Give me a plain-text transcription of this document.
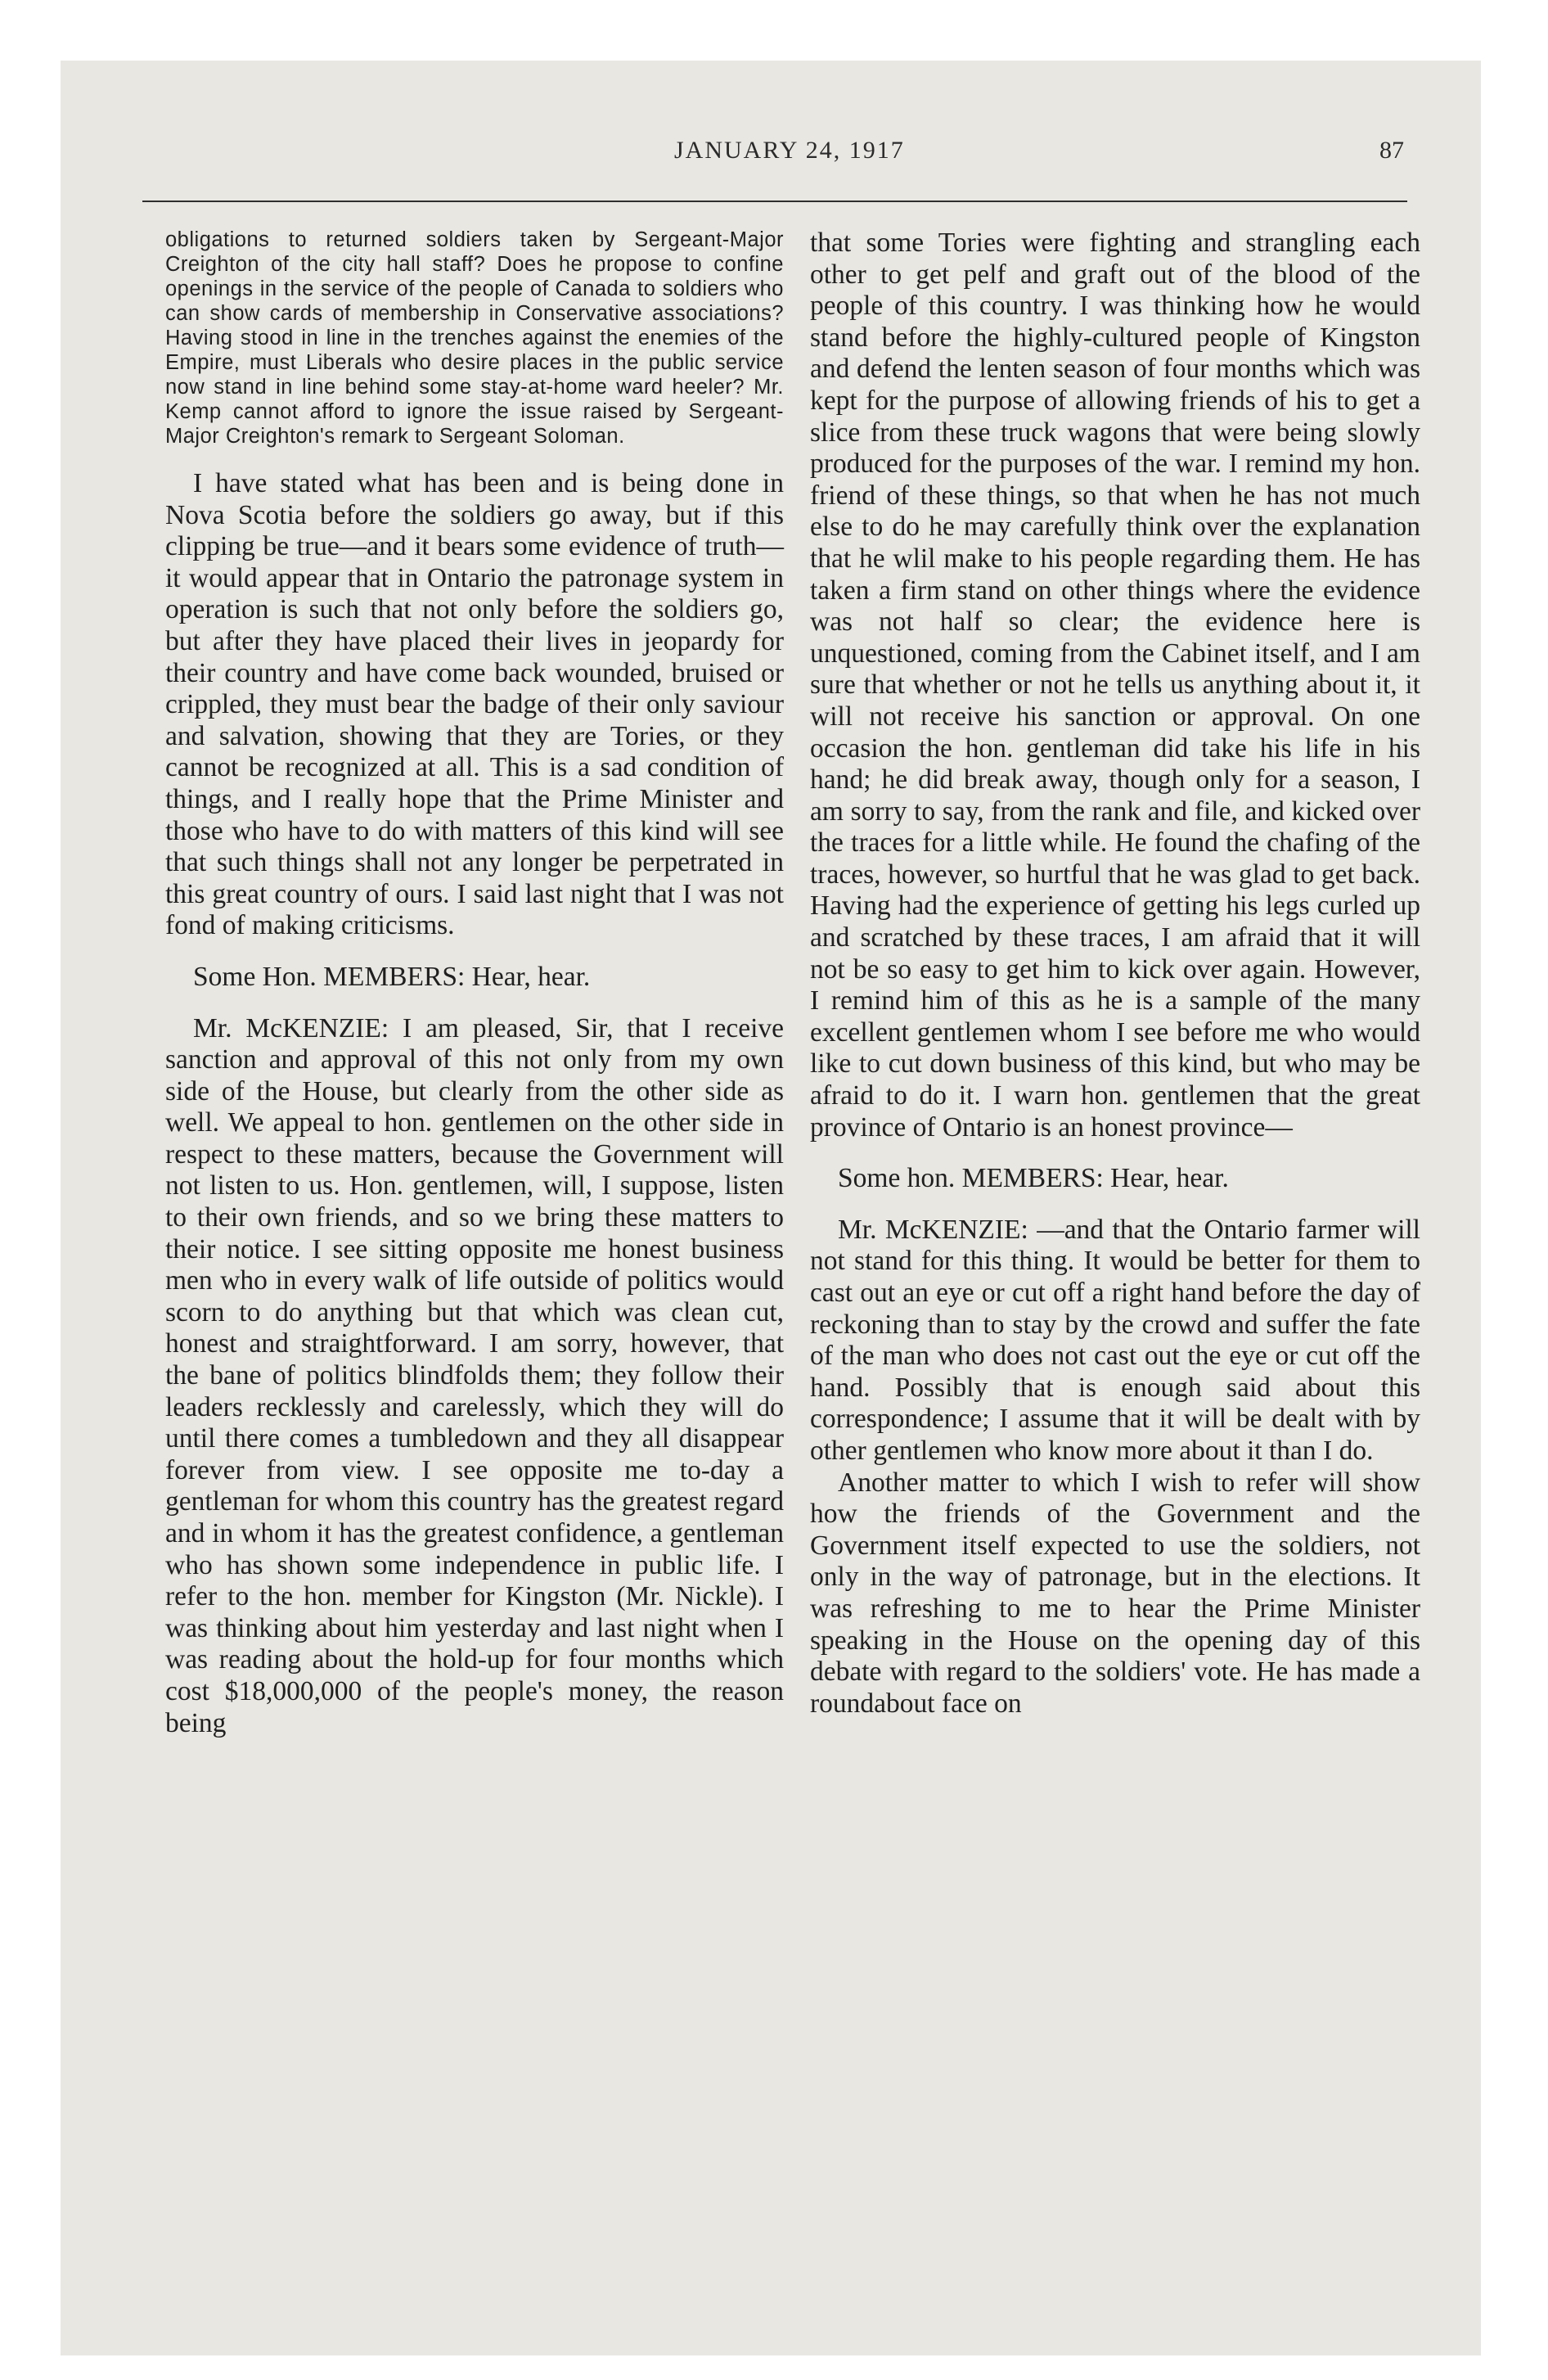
JANUARY 24, 1917	87

obligations to returned soldiers taken by Sergeant-Major Creighton of the city hall staff? Does he propose to confine openings in the service of the people of Canada to soldiers who can show cards of membership in Conservative associations? Having stood in line in the trenches against the enemies of the Empire, must Liberals who desire places in the public service now stand in line behind some stay-at-home ward heeler? Mr. Kemp cannot afford to ignore the issue raised by Sergeant-Major Creighton's remark to Sergeant Soloman.

I have stated what has been and is being done in Nova Scotia before the soldiers go away, but if this clipping be true—and it bears some evidence of truth—it would appear that in Ontario the patronage system in operation is such that not only before the soldiers go, but after they have placed their lives in jeopardy for their country and have come back wounded, bruised or crippled, they must bear the badge of their only saviour and salvation, showing that they are Tories, or they cannot be recognized at all. This is a sad condition of things, and I really hope that the Prime Minister and those who have to do with matters of this kind will see that such things shall not any longer be perpetrated in this great country of ours. I said last night that I was not fond of making criticisms.

Some Hon. MEMBERS: Hear, hear.

Mr. McKENZIE: I am pleased, Sir, that I receive sanction and approval of this not only from my own side of the House, but clearly from the other side as well. We appeal to hon. gentlemen on the other side in respect to these matters, because the Government will not listen to us. Hon. gentlemen, will, I suppose, listen to their own friends, and so we bring these matters to their notice. I see sitting opposite me honest business men who in every walk of life outside of politics would scorn to do anything but that which was clean cut, honest and straightforward. I am sorry, however, that the bane of politics blindfolds them; they follow their leaders recklessly and carelessly, which they will do until there comes a tumbledown and they all disappear forever from view. I see opposite me to-day a gentleman for whom this country has the greatest regard and in whom it has the greatest confidence, a gentleman who has shown some independence in public life. I refer to the hon. member for Kingston (Mr. Nickle). I was thinking about him yesterday and last night when I was reading about the hold-up for four months which cost $18,000,000 of the people's money, the reason being

that some Tories were fighting and strangling each other to get pelf and graft out of the blood of the people of this country. I was thinking how he would stand before the highly-cultured people of Kingston and defend the lenten season of four months which was kept for the purpose of allowing friends of his to get a slice from these truck wagons that were being slowly produced for the purposes of the war. I remind my hon. friend of these things, so that when he has not much else to do he may carefully think over the explanation that he wlil make to his people regarding them. He has taken a firm stand on other things where the evidence was not half so clear; the evidence here is unquestioned, coming from the Cabinet itself, and I am sure that whether or not he tells us anything about it, it will not receive his sanction or approval. On one occasion the hon. gentleman did take his life in his hand; he did break away, though only for a season, I am sorry to say, from the rank and file, and kicked over the traces for a little while. He found the chafing of the traces, however, so hurtful that he was glad to get back. Having had the experience of getting his legs curled up and scratched by these traces, I am afraid that it will not be so easy to get him to kick over again. However, I remind him of this as he is a sample of the many excellent gentlemen whom I see before me who would like to cut down business of this kind, but who may be afraid to do it. I warn hon. gentlemen that the great province of Ontario is an honest province—

Some hon. MEMBERS: Hear, hear.

Mr. McKENZIE: —and that the Ontario farmer will not stand for this thing. It would be better for them to cast out an eye or cut off a right hand before the day of reckoning than to stay by the crowd and suffer the fate of the man who does not cast out the eye or cut off the hand. Possibly that is enough said about this correspondence; I assume that it will be dealt with by other gentlemen who know more about it than I do.

Another matter to which I wish to refer will show how the friends of the Government and the Government itself expected to use the soldiers, not only in the way of patronage, but in the elections. It was refreshing to me to hear the Prime Minister speaking in the House on the opening day of this debate with regard to the soldiers' vote. He has made a roundabout face on
